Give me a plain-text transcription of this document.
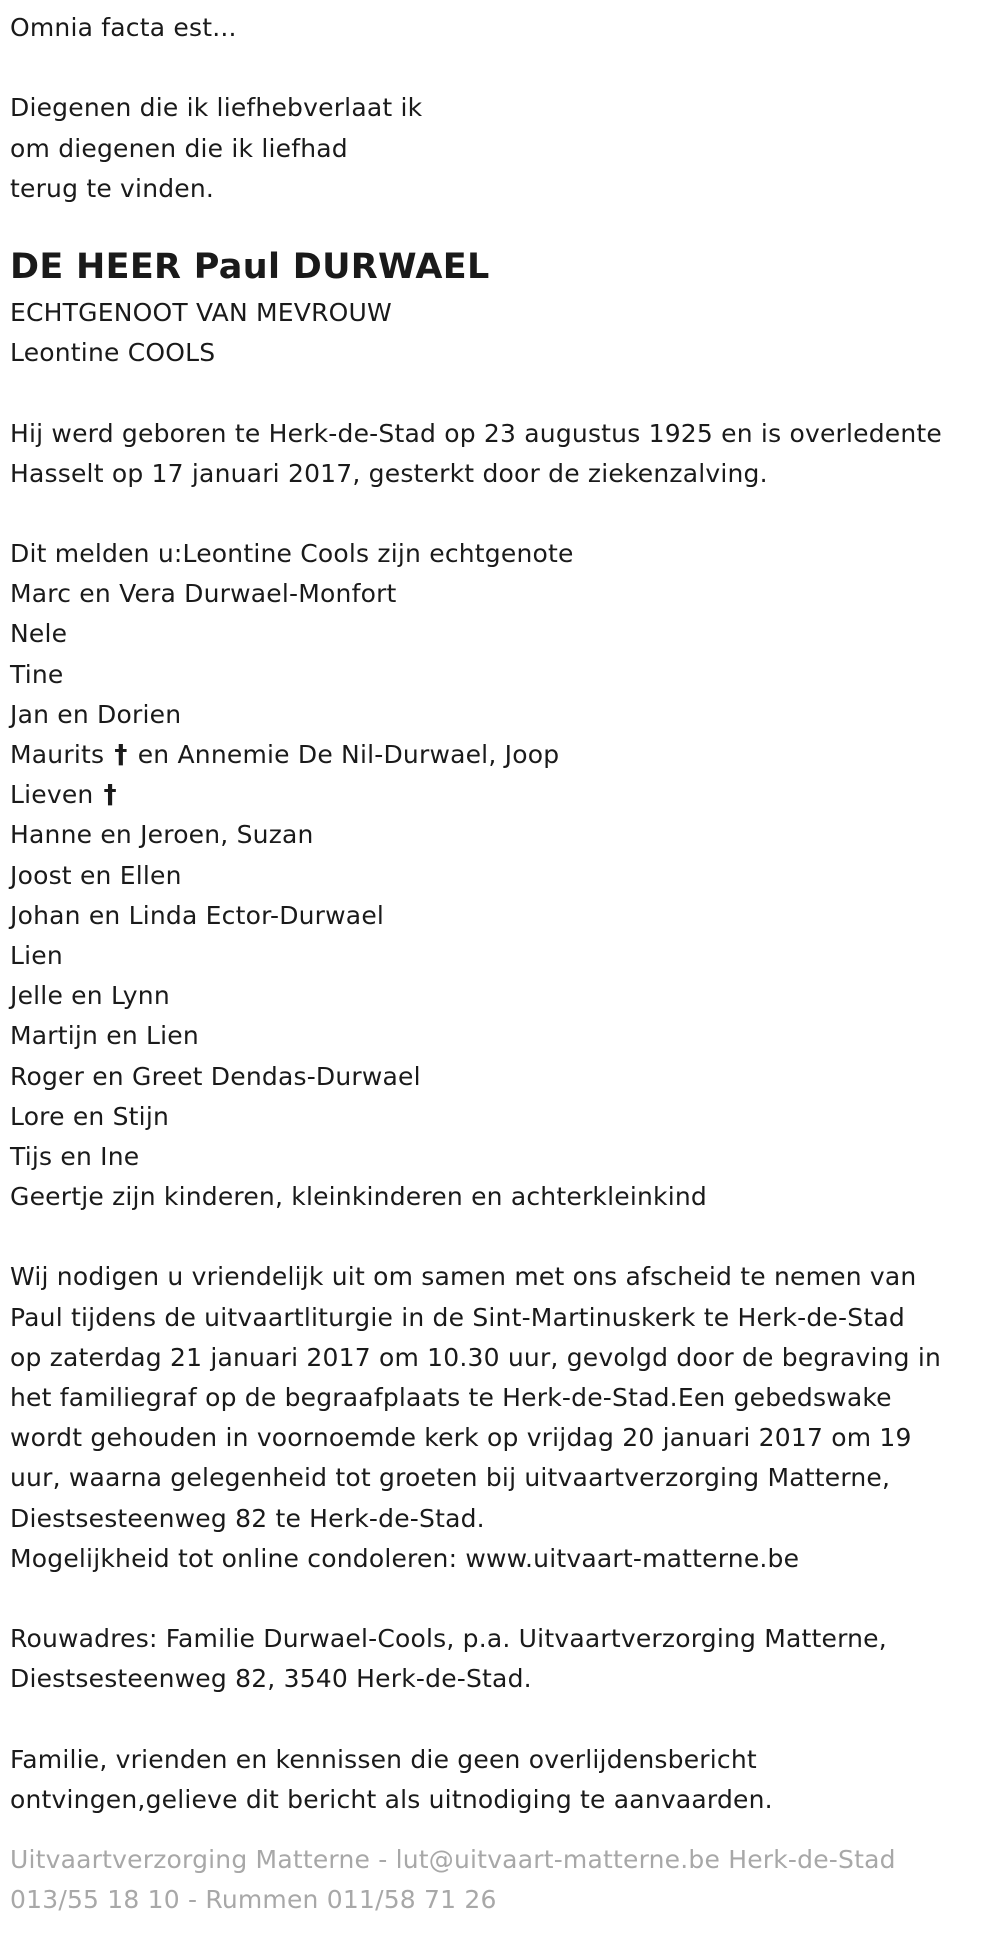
Omnia facta est...
Diegenen die ik liefhebverlaat ik
om diegenen die ik liefhad
terug te vinden.
DE HEER Paul DURWAEL
ECHTGENOOT VAN MEVROUW
Leontine COOLS
Hij werd geboren te Herk-de-Stad op 23 augustus 1925 en is overledente
Hasselt op 17 januari 2017, gesterkt door de ziekenzalving.
Dit melden u:Leontine Cools zijn echtgenote
Marc en Vera Durwael-Monfort
Nele
Tine
Jan en Dorien
Maurits † en Annemie De Nil-Durwael, Joop
Lieven †
Hanne en Jeroen, Suzan
Joost en Ellen
Johan en Linda Ector-Durwael
Lien
Jelle en Lynn
Martijn en Lien
Roger en Greet Dendas-Durwael
Lore en Stijn
Tijs en Ine
Geertje zijn kinderen, kleinkinderen en achterkleinkind
Wij nodigen u vriendelijk uit om samen met ons afscheid te nemen van
Paul tijdens de uitvaartliturgie in de Sint-Martinuskerk te Herk-de-Stad
op zaterdag 21 januari 2017 om 10.30 uur, gevolgd door de begraving in
het familiegraf op de begraafplaats te Herk-de-Stad.Een gebedswake
wordt gehouden in voornoemde kerk op vrijdag 20 januari 2017 om 19
uur, waarna gelegenheid tot groeten bij uitvaartverzorging Matterne,
Diestsesteenweg 82 te Herk-de-Stad.
Mogelijkheid tot online condoleren: www.uitvaart-matterne.be
Rouwadres: Familie Durwael-Cools, p.a. Uitvaartverzorging Matterne,
Diestsesteenweg 82, 3540 Herk-de-Stad.
Familie, vrienden en kennissen die geen overlijdensbericht
ontvingen,gelieve dit bericht als uitnodiging te aanvaarden.
Uitvaartverzorging Matterne - lut@uitvaart-matterne.be Herk-de-Stad
013/55 18 10 - Rummen 011/58 71 26
